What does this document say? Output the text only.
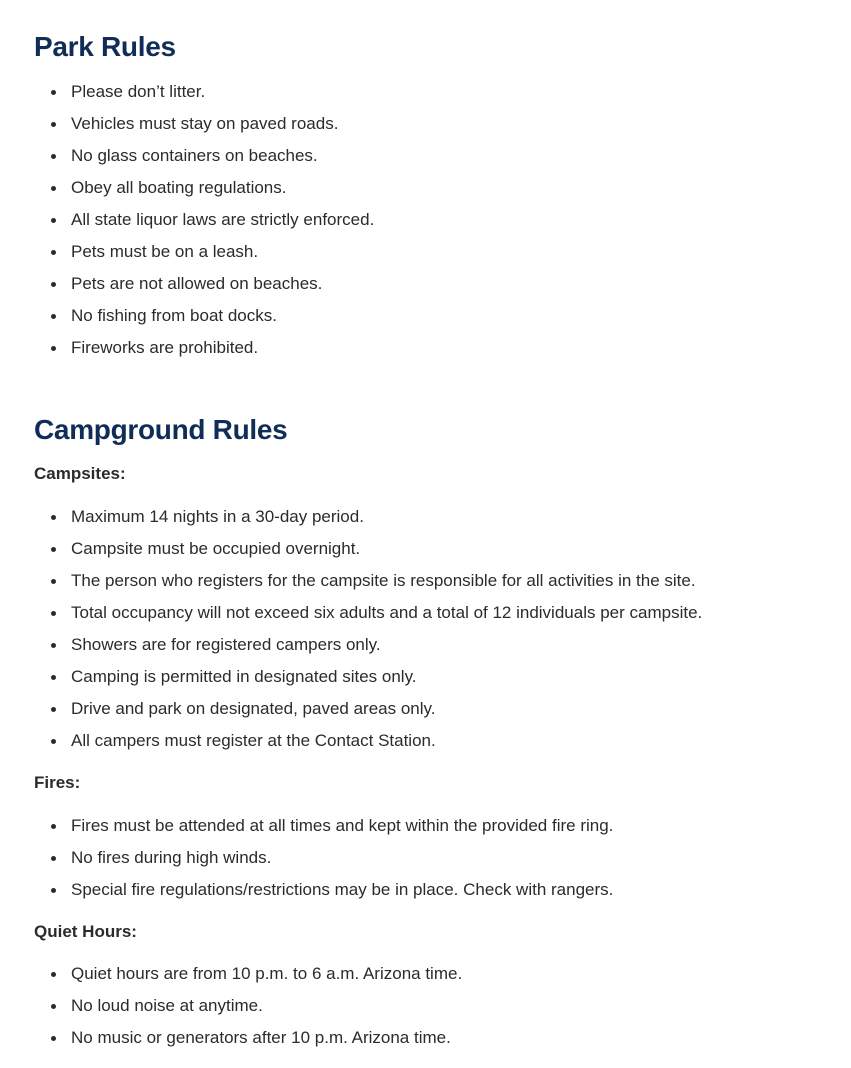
Park Rules
Please don’t litter.
Vehicles must stay on paved roads.
No glass containers on beaches.
Obey all boating regulations.
All state liquor laws are strictly enforced.
Pets must be on a leash.
Pets are not allowed on beaches.
No fishing from boat docks.
Fireworks are prohibited.
Campground Rules
Campsites:
Maximum 14 nights in a 30-day period.
Campsite must be occupied overnight.
The person who registers for the campsite is responsible for all activities in the site.
Total occupancy will not exceed six adults and a total of 12 individuals per campsite.
Showers are for registered campers only.
Camping is permitted in designated sites only.
Drive and park on designated, paved areas only.
All campers must register at the Contact Station.
Fires:
Fires must be attended at all times and kept within the provided fire ring.
No fires during high winds.
Special fire regulations/restrictions may be in place. Check with rangers.
Quiet Hours:
Quiet hours are from 10 p.m. to 6 a.m. Arizona time.
No loud noise at anytime.
No music or generators after 10 p.m. Arizona time.
